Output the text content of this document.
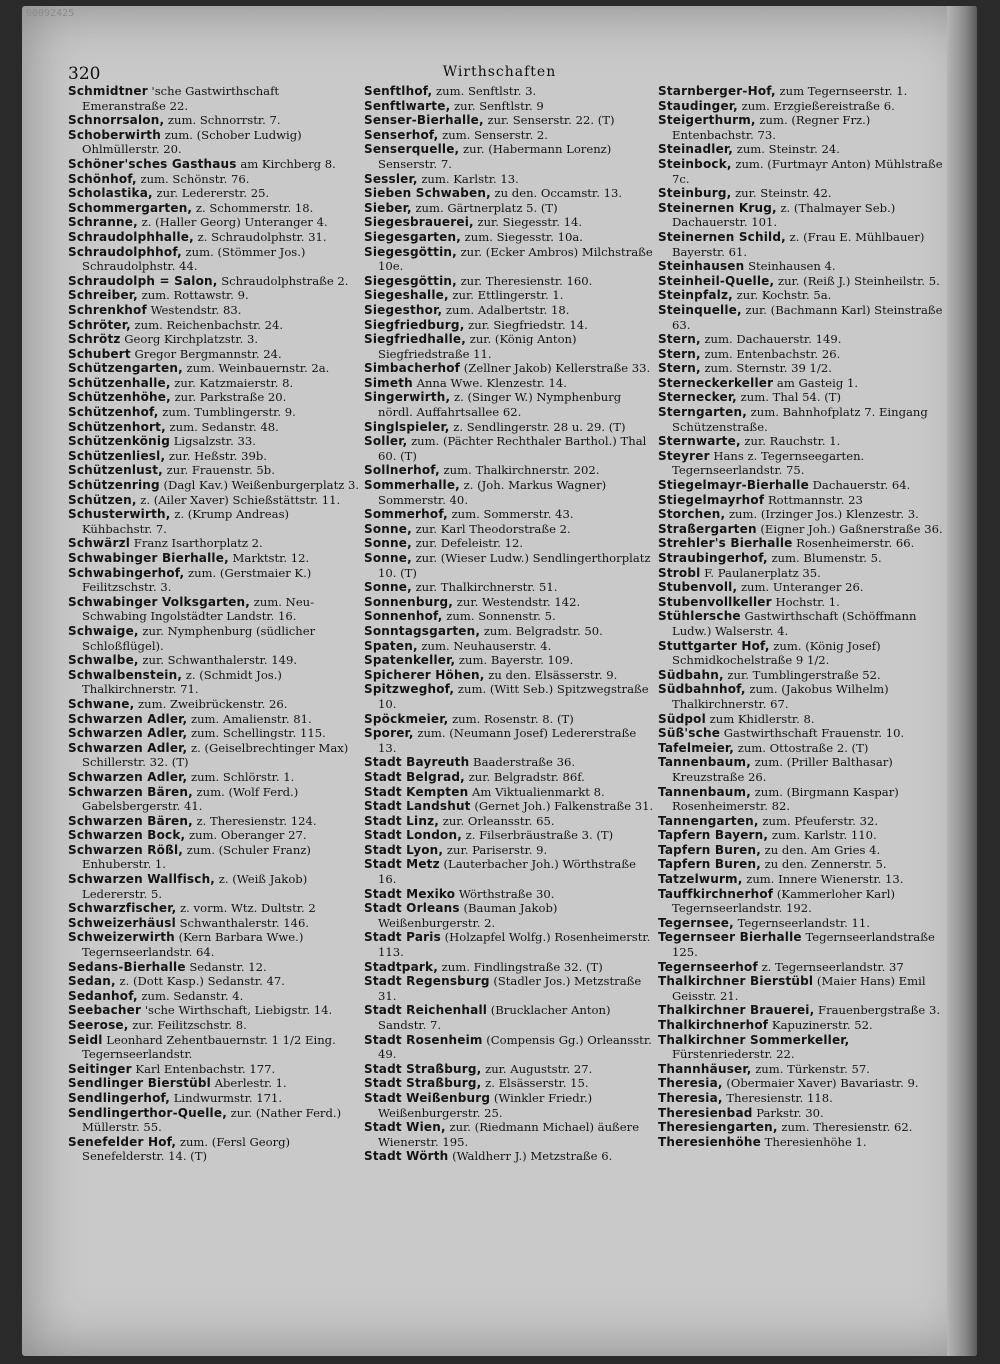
00092425
320	Wirthschaften

Schmidtner 'sche Gastwirthschaft Emeranstraße 22.

Schnorrsalon, zum. Schnorrstr. 7.

Schoberwirth zum. (Schober Ludwig) Ohlmüllerstr. 20.

Schöner'sches Gasthaus am Kirchberg 8.

Schönhof, zum. Schönstr. 76.

Scholastika, zur. Ledererstr. 25.

Schommergarten, z. Schommerstr. 18.

Schranne, z. (Haller Georg) Unteranger 4.

Schraudolphhalle, z. Schraudolphstr. 31.

Schraudolphhof, zum. (Stömmer Jos.) Schraudolphstr. 44.

Schraudolph = Salon, Schraudolphstraße 2.

Schreiber, zum. Rottawstr. 9.

Schrenkhof Westendstr. 83.

Schröter, zum. Reichenbachstr. 24.

Schrötz Georg Kirchplatzstr. 3.

Schubert Gregor Bergmannstr. 24.

Schützengarten, zum. Weinbauernstr. 2a.

Schützenhalle, zur. Katzmaierstr. 8.

Schützenhöhe, zur. Parkstraße 20.

Schützenhof, zum. Tumblingerstr. 9.

Schützenhort, zum. Sedanstr. 48.

Schützenkönig Ligsalzstr. 33.

Schützenliesl, zur. Heßstr. 39b.

Schützenlust, zur. Frauenstr. 5b.

Schützenring (Dagl Kav.) Weißenburgerplatz 3.

Schützen, z. (Ailer Xaver) Schießstättstr. 11.

Schusterwirth, z. (Krump Andreas) Kühbachstr. 7.

Schwärzl Franz Isarthorplatz 2.

Schwabinger Bierhalle, Marktstr. 12.

Schwabingerhof, zum. (Gerstmaier K.) Feilitzschstr. 3.

Schwabinger Volksgarten, zum. Neu-Schwabing Ingolstädter Landstr. 16.

Schwaige, zur. Nymphenburg (südlicher Schloßflügel).

Schwalbe, zur. Schwanthalerstr. 149.

Schwalbenstein, z. (Schmidt Jos.) Thalkirchnerstr. 71.

Schwane, zum. Zweibrückenstr. 26.

Schwarzen Adler, zum. Amalienstr. 81.

Schwarzen Adler, zum. Schellingstr. 115.

Schwarzen Adler, z. (Geiselbrechtinger Max) Schillerstr. 32. (T)

Schwarzen Adler, zum. Schlörstr. 1.

Schwarzen Bären, zum. (Wolf Ferd.) Gabelsbergerstr. 41.

Schwarzen Bären, z. Theresienstr. 124.

Schwarzen Bock, zum. Oberanger 27.

Schwarzen Rößl, zum. (Schuler Franz) Enhuberstr. 1.

Schwarzen Wallfisch, z. (Weiß Jakob) Ledererstr. 5.

Schwarzfischer, z. vorm. Wtz. Dultstr. 2

Schweizerhäusl Schwanthalerstr. 146.

Schweizerwirth (Kern Barbara Wwe.) Tegernseerlandstr. 64.

Sedans-Bierhalle Sedanstr. 12.

Sedan, z. (Dott Kasp.) Sedanstr. 47.

Sedanhof, zum. Sedanstr. 4.

Seebacher 'sche Wirthschaft, Liebigstr. 14.

Seerose, zur. Feilitzschstr. 8.

Seidl Leonhard Zehentbauernstr. 1 1/2 Eing. Tegernseerlandstr.

Seitinger Karl Entenbachstr. 177.

Sendlinger Bierstübl Aberlestr. 1.

Sendlingerhof, Lindwurmstr. 171.

Sendlingerthor-Quelle, zur. (Nather Ferd.) Müllerstr. 55.

Senefelder Hof, zum. (Fersl Georg) Senefelderstr. 14. (T)

Senftlhof, zum. Senftlstr. 3.

Senftlwarte, zur. Senftlstr. 9

Senser-Bierhalle, zur. Senserstr. 22. (T)

Senserhof, zum. Senserstr. 2.

Senserquelle, zur. (Habermann Lorenz) Senserstr. 7.

Sessler, zum. Karlstr. 13.

Sieben Schwaben, zu den. Occamstr. 13.

Sieber, zum. Gärtnerplatz 5. (T)

Siegesbrauerei, zur. Siegesstr. 14.

Siegesgarten, zum. Siegesstr. 10a.

Siegesgöttin, zur. (Ecker Ambros) Milchstraße 10e.

Siegesgöttin, zur. Theresienstr. 160.

Siegeshalle, zur. Ettlingerstr. 1.

Siegesthor, zum. Adalbertstr. 18.

Siegfriedburg, zur. Siegfriedstr. 14.

Siegfriedhalle, zur. (König Anton) Siegfriedstraße 11.

Simbacherhof (Zellner Jakob) Kellerstraße 33.

Simeth Anna Wwe. Klenzestr. 14.

Singerwirth, z. (Singer W.) Nymphenburg nördl. Auffahrtsallee 62.

Singlspieler, z. Sendlingerstr. 28 u. 29. (T)

Soller, zum. (Pächter Rechthaler Barthol.) Thal 60. (T)

Sollnerhof, zum. Thalkirchnerstr. 202.

Sommerhalle, z. (Joh. Markus Wagner) Sommerstr. 40.

Sommerhof, zum. Sommerstr. 43.

Sonne, zur. Karl Theodorstraße 2.

Sonne, zur. Defeleistr. 12.

Sonne, zur. (Wieser Ludw.) Sendlingerthorplatz 10. (T)

Sonne, zur. Thalkirchnerstr. 51.

Sonnenburg, zur. Westendstr. 142.

Sonnenhof, zum. Sonnenstr. 5.

Sonntagsgarten, zum. Belgradstr. 50.

Spaten, zum. Neuhauserstr. 4.

Spatenkeller, zum. Bayerstr. 109.

Spicherer Höhen, zu den. Elsässerstr. 9.

Spitzweghof, zum. (Witt Seb.) Spitzwegstraße 10.

Spöckmeier, zum. Rosenstr. 8. (T)

Sporer, zum. (Neumann Josef) Ledererstraße 13.

Stadt Bayreuth Baaderstraße 36.

Stadt Belgrad, zur. Belgradstr. 86f.

Stadt Kempten Am Viktualienmarkt 8.

Stadt Landshut (Gernet Joh.) Falkenstraße 31.

Stadt Linz, zur. Orleansstr. 65.

Stadt London, z. Filserbräustraße 3. (T)

Stadt Lyon, zur. Pariserstr. 9.

Stadt Metz (Lauterbacher Joh.) Wörthstraße 16.

Stadt Mexiko Wörthstraße 30.

Stadt Orleans (Bauman Jakob) Weißenburgerstr. 2.

Stadt Paris (Holzapfel Wolfg.) Rosenheimerstr. 113.

Stadtpark, zum. Findlingstraße 32. (T)

Stadt Regensburg (Stadler Jos.) Metzstraße 31.

Stadt Reichenhall (Brucklacher Anton) Sandstr. 7.

Stadt Rosenheim (Compensis Gg.) Orleansstr. 49.

Stadt Straßburg, zur. Auguststr. 27.

Stadt Straßburg, z. Elsässerstr. 15.

Stadt Weißenburg (Winkler Friedr.) Weißenburgerstr. 25.

Stadt Wien, zur. (Riedmann Michael) äußere Wienerstr. 195.

Stadt Wörth (Waldherr J.) Metzstraße 6.

Starnberger-Hof, zum Tegernseerstr. 1.

Staudinger, zum. Erzgießereistraße 6.

Steigerthurm, zum. (Regner Frz.) Entenbachstr. 73.

Steinadler, zum. Steinstr. 24.

Steinbock, zum. (Furtmayr Anton) Mühlstraße 7c.

Steinburg, zur. Steinstr. 42.

Steinernen Krug, z. (Thalmayer Seb.) Dachauerstr. 101.

Steinernen Schild, z. (Frau E. Mühlbauer) Bayerstr. 61.

Steinhausen Steinhausen 4.

Steinheil-Quelle, zur. (Reiß J.) Steinheilstr. 5.

Steinpfalz, zur. Kochstr. 5a.

Steinquelle, zur. (Bachmann Karl) Steinstraße 63.

Stern, zum. Dachauerstr. 149.

Stern, zum. Entenbachstr. 26.

Stern, zum. Sternstr. 39 1/2.

Sterneckerkeller am Gasteig 1.

Sternecker, zum. Thal 54. (T)

Sterngarten, zum. Bahnhofplatz 7. Eingang Schützenstraße.

Sternwarte, zur. Rauchstr. 1.

Steyrer Hans z. Tegernseegarten. Tegernseerlandstr. 75.

Stiegelmayr-Bierhalle Dachauerstr. 64.

Stiegelmayrhof Rottmannstr. 23

Storchen, zum. (Irzinger Jos.) Klenzestr. 3.

Straßergarten (Eigner Joh.) Gaßnerstraße 36.

Strehler's Bierhalle Rosenheimerstr. 66.

Straubingerhof, zum. Blumenstr. 5.

Strobl F. Paulanerplatz 35.

Stubenvoll, zum. Unteranger 26.

Stubenvollkeller Hochstr. 1.

Stühlersche Gastwirthschaft (Schöffmann Ludw.) Walserstr. 4.

Stuttgarter Hof, zum. (König Josef) Schmidkochelstraße 9 1/2.

Südbahn, zur. Tumblingerstraße 52.

Südbahnhof, zum. (Jakobus Wilhelm) Thalkirchnerstr. 67.

Südpol zum Khidlerstr. 8.

Süß'sche Gastwirthschaft Frauenstr. 10.

Tafelmeier, zum. Ottostraße 2. (T)

Tannenbaum, zum. (Priller Balthasar) Kreuzstraße 26.

Tannenbaum, zum. (Birgmann Kaspar) Rosenheimerstr. 82.

Tannengarten, zum. Pfeuferstr. 32.

Tapfern Bayern, zum. Karlstr. 110.

Tapfern Buren, zu den. Am Gries 4.

Tapfern Buren, zu den. Zennerstr. 5.

Tatzelwurm, zum. Innere Wienerstr. 13.

Tauffkirchnerhof (Kammerloher Karl) Tegernseerlandstr. 192.

Tegernsee, Tegernseerlandstr. 11.

Tegernseer Bierhalle Tegernseerlandstraße 125.

Tegernseerhof z. Tegernseerlandstr. 37

Thalkirchner Bierstübl (Maier Hans) Emil Geisstr. 21.

Thalkirchner Brauerei, Frauenbergstraße 3.

Thalkirchnerhof Kapuzinerstr. 52.

Thalkirchner Sommerkeller, Fürstenriederstr. 22.

Thannhäuser, zum. Türkenstr. 57.

Theresia, (Obermaier Xaver) Bavariastr. 9.

Theresia, Theresienstr. 118.

Theresienbad Parkstr. 30.

Theresiengarten, zum. Theresienstr. 62.

Theresienhöhe Theresienhöhe 1.
